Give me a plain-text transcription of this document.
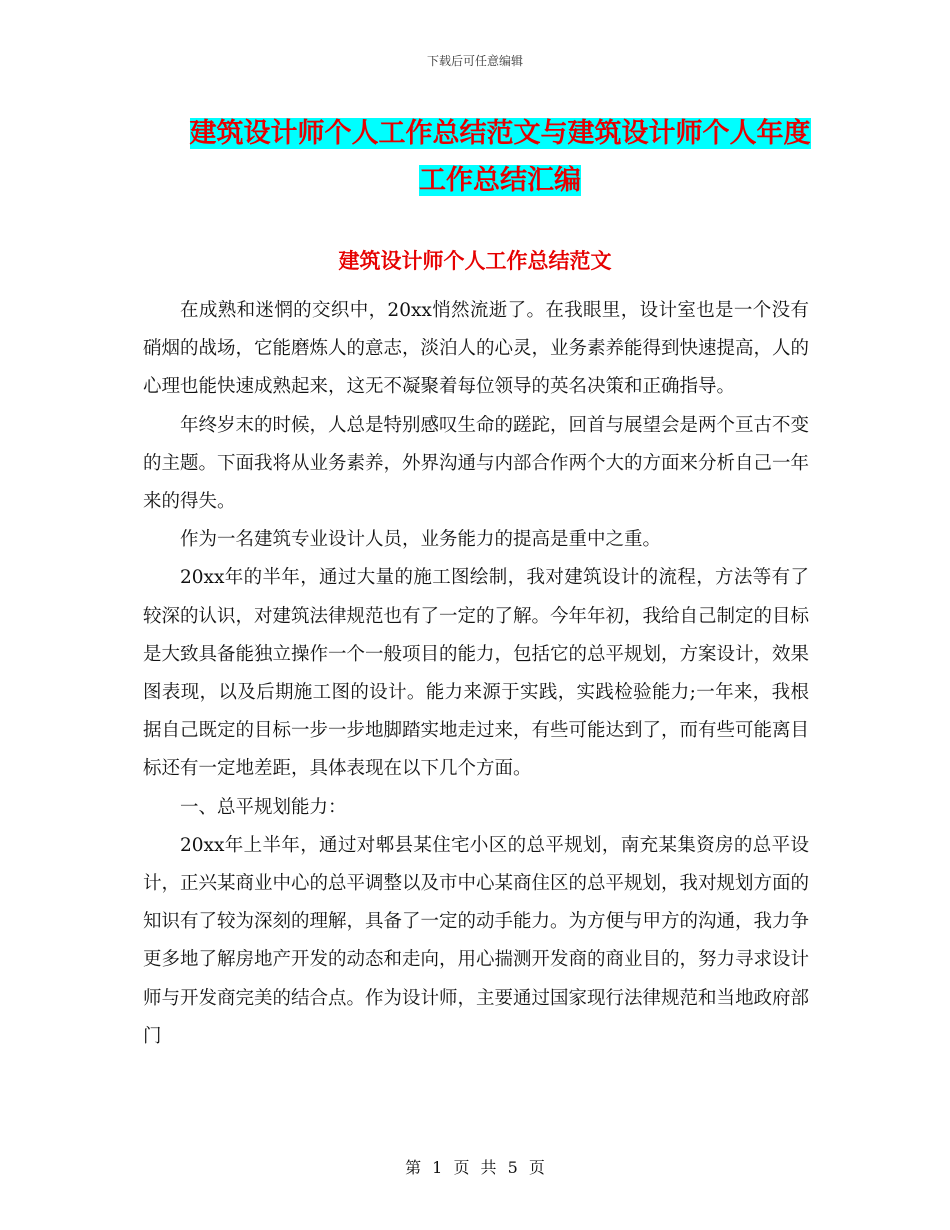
下载后可任意编辑
建筑设计师个人工作总结范文与建筑设计师个人年度
工作总结汇编
建筑设计师个人工作总结范文

在成熟和迷惘的交织中，20xx悄然流逝了。在我眼里，设计室也是一个没有硝烟的战场，它能磨炼人的意志，淡泊人的心灵，业务素养能得到快速提高，人的心理也能快速成熟起来，这无不凝聚着每位领导的英名决策和正确指导。

年终岁末的时候，人总是特别感叹生命的蹉跎，回首与展望会是两个亘古不变的主题。下面我将从业务素养，外界沟通与内部合作两个大的方面来分析自己一年来的得失。

作为一名建筑专业设计人员，业务能力的提高是重中之重。

20xx年的半年，通过大量的施工图绘制，我对建筑设计的流程，方法等有了较深的认识，对建筑法律规范也有了一定的了解。今年年初，我给自己制定的目标是大致具备能独立操作一个一般项目的能力，包括它的总平规划，方案设计，效果图表现，以及后期施工图的设计。能力来源于实践，实践检验能力;一年来，我根据自己既定的目标一步一步地脚踏实地走过来，有些可能达到了，而有些可能离目标还有一定地差距，具体表现在以下几个方面。

一、总平规划能力：

20xx年上半年，通过对郫县某住宅小区的总平规划，南充某集资房的总平设计，正兴某商业中心的总平调整以及市中心某商住区的总平规划，我对规划方面的知识有了较为深刻的理解，具备了一定的动手能力。为方便与甲方的沟通，我力争更多地了解房地产开发的动态和走向，用心揣测开发商的商业目的，努力寻求设计师与开发商完美的结合点。作为设计师，主要通过国家现行法律规范和当地政府部门

第 1 页 共 5 页
